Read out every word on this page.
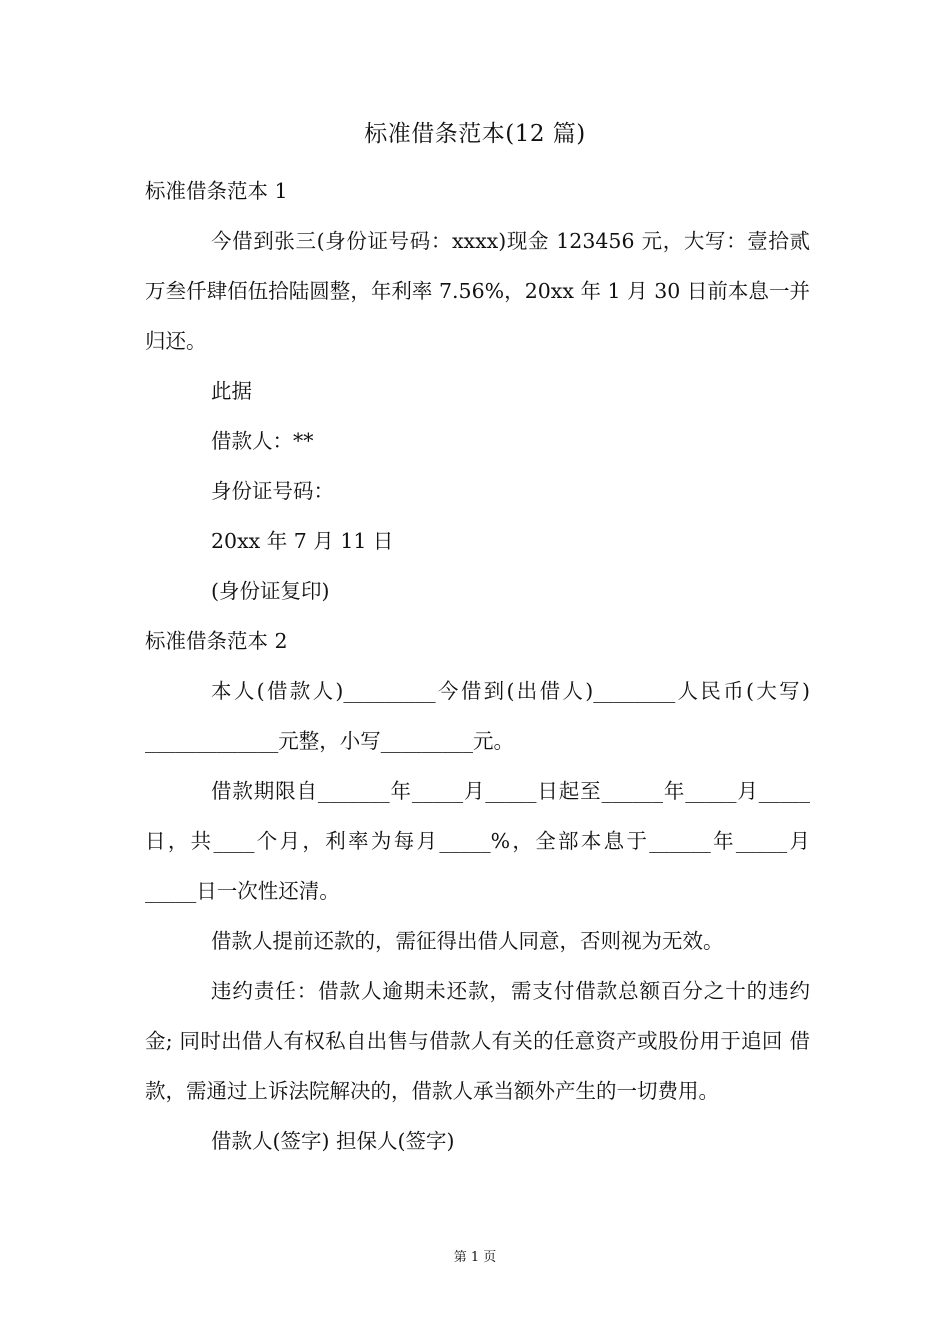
标准借条范本(12 篇)

标准借条范本 1

今借到张三(身份证号码：xxxx)现金 123456 元，大写：壹拾贰万叁仟肆佰伍拾陆圆整，年利率 7.56%，20xx 年 1 月 30 日前本息一并归还。

此据

借款人：**

身份证号码：

20xx 年 7 月 11 日

(身份证复印)

标准借条范本 2

本人(借款人)_________今借到(出借人)________人民币(大写) _____________元整，小写_________元。

借款期限自_______年_____月_____日起至______年_____月_____ 日，共____个月，利率为每月_____%，全部本息于______年_____月 _____日一次性还清。

借款人提前还款的，需征得出借人同意，否则视为无效。

违约责任：借款人逾期未还款，需支付借款总额百分之十的违约金; 同时出借人有权私自出售与借款人有关的任意资产或股份用于追回 借款，需通过上诉法院解决的，借款人承当额外产生的一切费用。

借款人(签字) 担保人(签字)

第 1 页
